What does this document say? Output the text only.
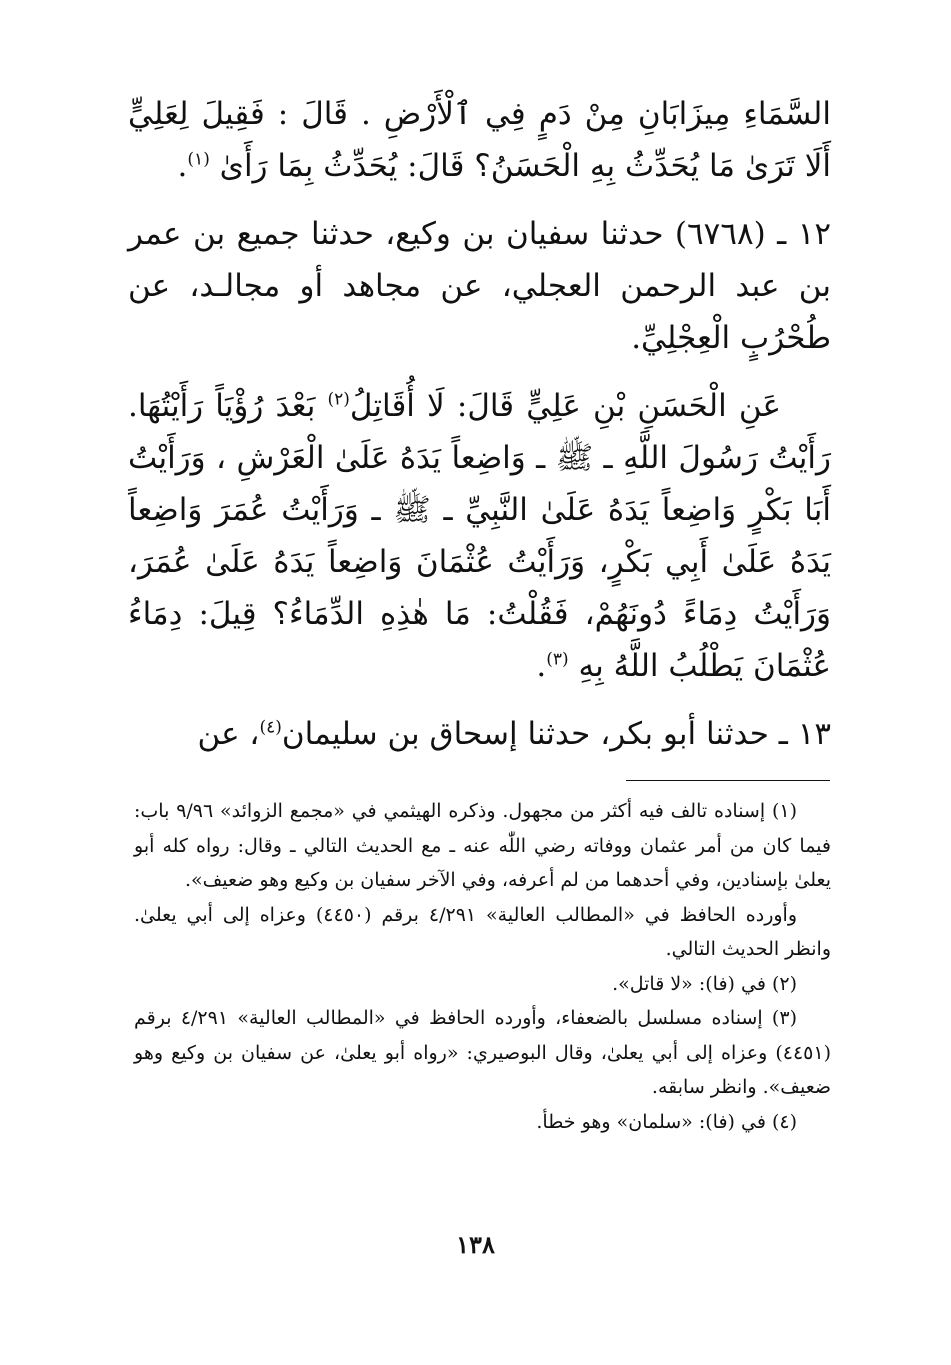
السَّمَاءِ مِيزَابَانِ مِنْ دَمٍ فِي ٱلْأَرْضِ . قَالَ : فَقِيلَ لِعَلِيٍّ أَلَا تَرَىٰ مَا يُحَدِّثُ بِهِ الْحَسَنُ؟ قَالَ: يُحَدِّثُ بِمَا رَأَىٰ $^{(١)}$.

١٢ ـ (٦٧٦٨) حدثنا سفيان بن وكيع، حدثنا جميع بن عمر بن عبد الرحمن العجلي، عن مجاهد أو مجالـد، عن طُحْرُبٍ الْعِجْلِيِّ.

عَنِ الْحَسَنِ بْنِ عَلِيٍّ قَالَ: لَا أُقَاتِلُ$^{(٢)}$ بَعْدَ رُؤْيَاً رَأَيْتُهَا. رَأَيْتُ رَسُولَ اللَّهِ ـ ﷺ ـ وَاضِعاً يَدَهُ عَلَىٰ الْعَرْشِ ، وَرَأَيْتُ أَبَا بَكْرٍ وَاضِعاً يَدَهُ عَلَىٰ النَّبِيِّ ـ ﷺ ـ وَرَأَيْتُ عُمَرَ وَاضِعاً يَدَهُ عَلَىٰ أَبِي بَكْرٍ، وَرَأَيْتُ عُثْمَانَ وَاضِعاً يَدَهُ عَلَىٰ عُمَرَ، وَرَأَيْتُ دِمَاءً دُونَهُمْ، فَقُلْتُ: مَا هٰذِهِ الدِّمَاءُ؟ قِيلَ: دِمَاءُ عُثْمَانَ يَطْلُبُ اللَّهُ بِهِ $^{(٣)}$.

١٣ ـ حدثنا أبو بكر، حدثنا إسحاق بن سليمان$^{(٤)}$، عن

(١) إسناده تالف فيه أكثر من مجهول. وذكره الهيثمي في «مجمع الزوائد» ٩/٩٦ باب: فيما كان من أمر عثمان ووفاته رضي اللّٰه عنه ـ مع الحديث التالي ـ وقال: رواه كله أبو يعلىٰ بإسنادين، وفي أحدهما من لم أعرفه، وفي الآخر سفيان بن وكيع وهو ضعيف».

وأورده الحافظ في «المطالب العالية» ٤/٢٩١ برقم (٤٤٥٠) وعزاه إلى أبي يعلىٰ. وانظر الحديث التالي.

(٢) في (فا): «لا قاتل».

(٣) إسناده مسلسل بالضعفاء، وأورده الحافظ في «المطالب العالية» ٤/٢٩١ برقم (٤٤٥١) وعزاه إلى أبي يعلىٰ، وقال البوصيري: «رواه أبو يعلىٰ، عن سفيان بن وكيع وهو ضعيف». وانظر سابقه.

(٤) في (فا): «سلمان» وهو خطأ.

١٣٨
